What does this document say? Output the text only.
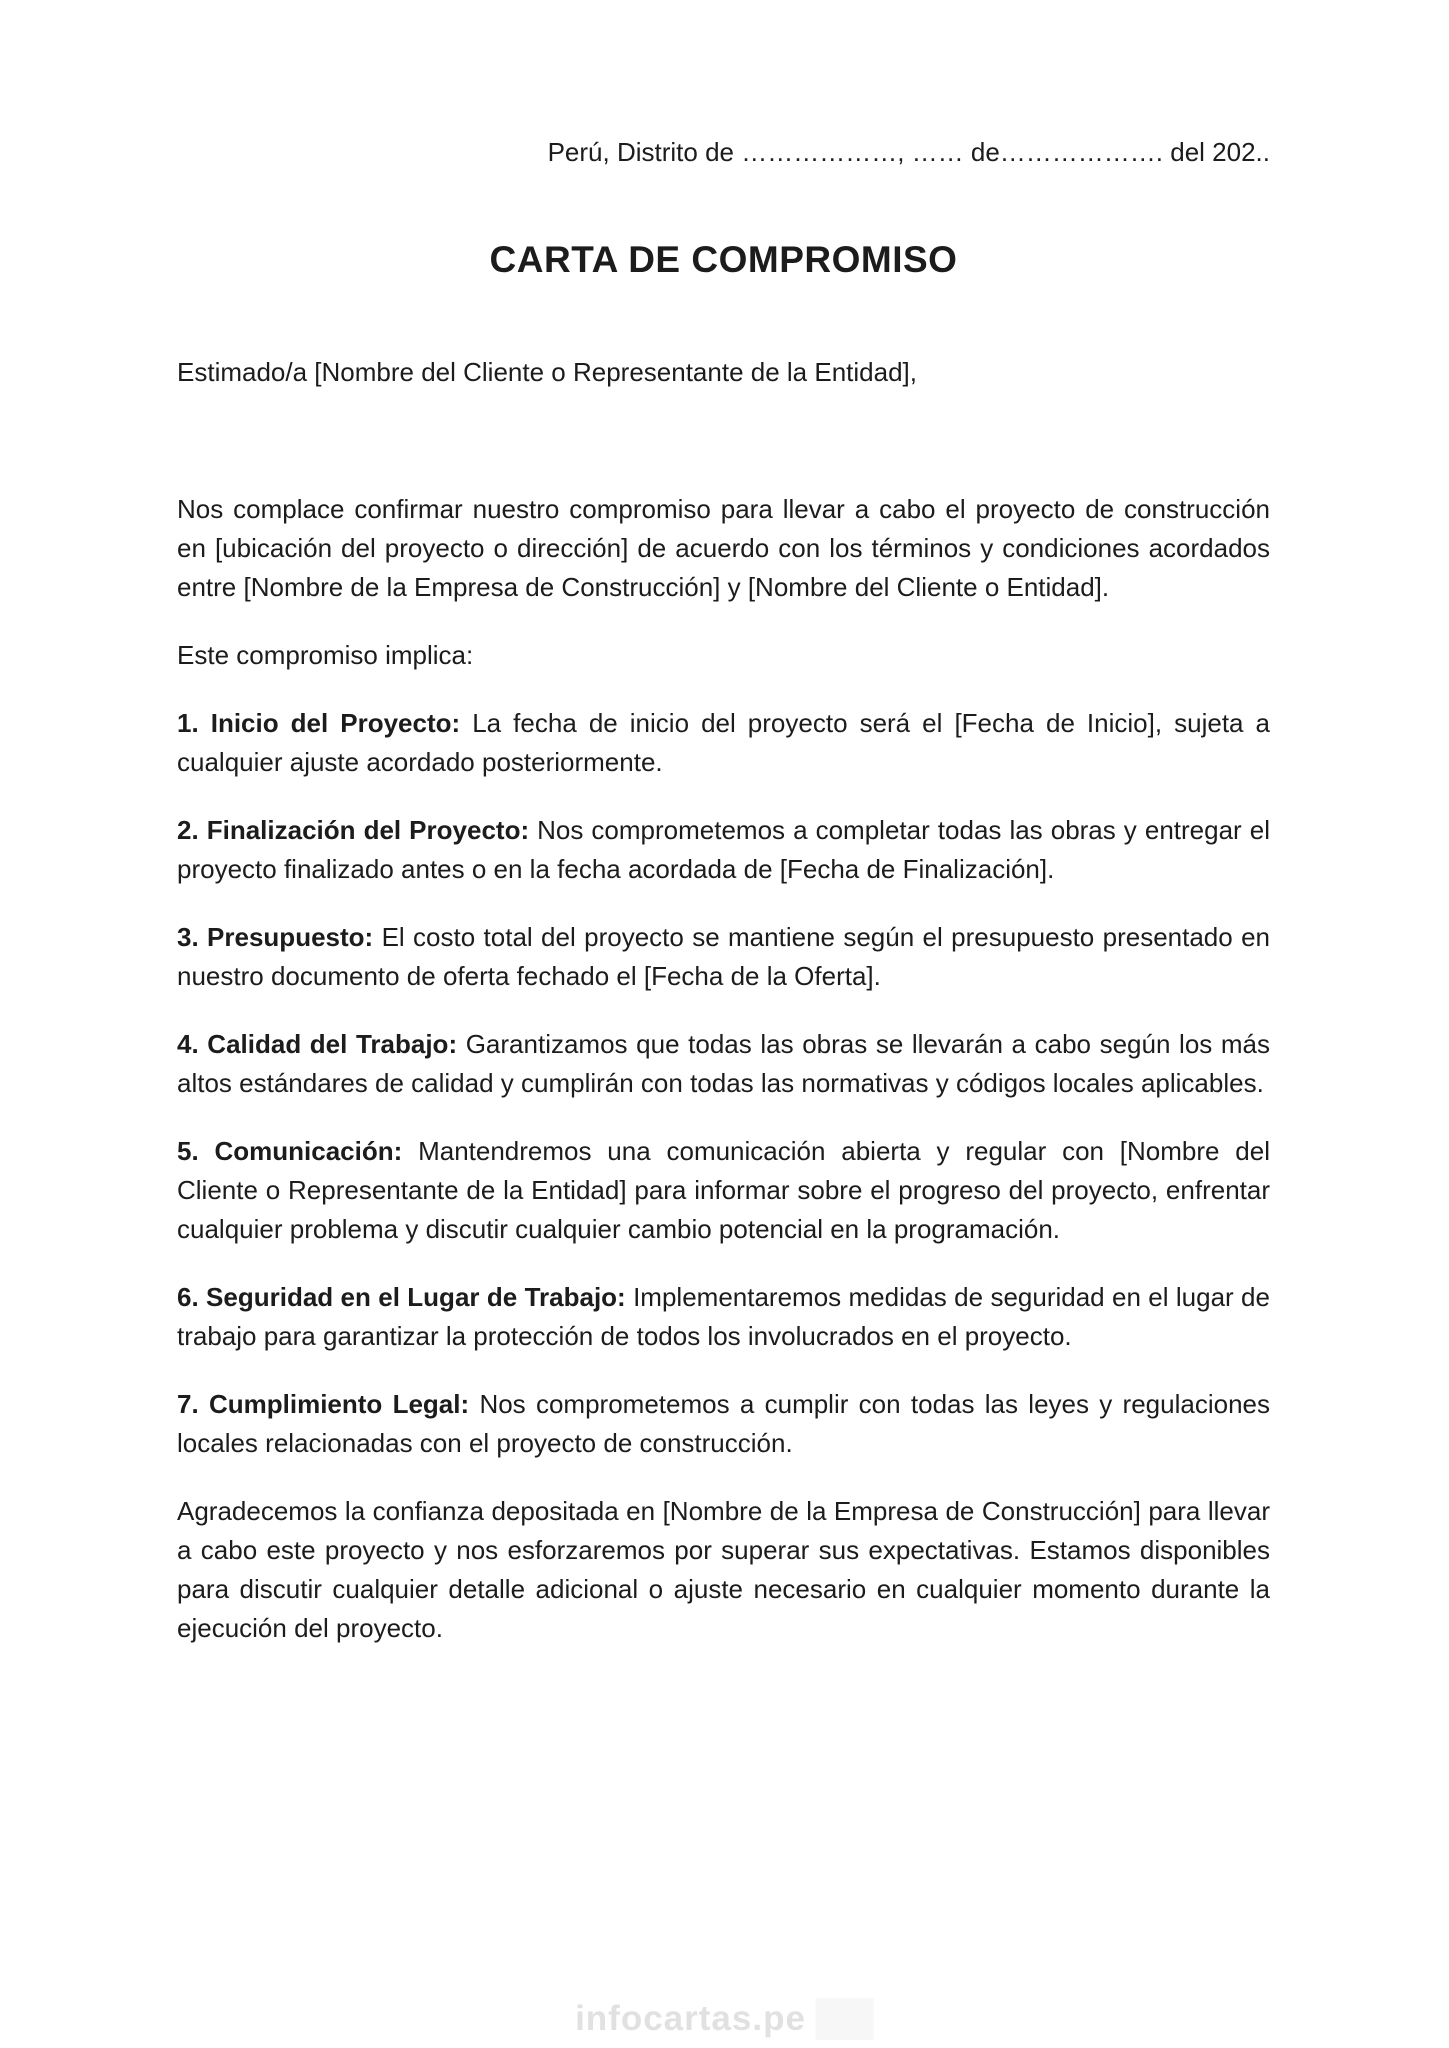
Perú, Distrito de ………………, …… de………………. del 202..

CARTA DE COMPROMISO

Estimado/a [Nombre del Cliente o Representante de la Entidad],

Nos complace confirmar nuestro compromiso para llevar a cabo el proyecto de construcción en [ubicación del proyecto o dirección] de acuerdo con los términos y condiciones acordados entre [Nombre de la Empresa de Construcción] y [Nombre del Cliente o Entidad].

Este compromiso implica:

1. Inicio del Proyecto: La fecha de inicio del proyecto será el [Fecha de Inicio], sujeta a cualquier ajuste acordado posteriormente.

2. Finalización del Proyecto: Nos comprometemos a completar todas las obras y entregar el proyecto finalizado antes o en la fecha acordada de [Fecha de Finalización].

3. Presupuesto: El costo total del proyecto se mantiene según el presupuesto presentado en nuestro documento de oferta fechado el [Fecha de la Oferta].

4. Calidad del Trabajo: Garantizamos que todas las obras se llevarán a cabo según los más altos estándares de calidad y cumplirán con todas las normativas y códigos locales aplicables.

5. Comunicación: Mantendremos una comunicación abierta y regular con [Nombre del Cliente o Representante de la Entidad] para informar sobre el progreso del proyecto, enfrentar cualquier problema y discutir cualquier cambio potencial en la programación.

6. Seguridad en el Lugar de Trabajo: Implementaremos medidas de seguridad en el lugar de trabajo para garantizar la protección de todos los involucrados en el proyecto.

7. Cumplimiento Legal: Nos comprometemos a cumplir con todas las leyes y regulaciones locales relacionadas con el proyecto de construcción.

Agradecemos la confianza depositada en [Nombre de la Empresa de Construcción] para llevar a cabo este proyecto y nos esforzaremos por superar sus expectativas. Estamos disponibles para discutir cualquier detalle adicional o ajuste necesario en cualquier momento durante la ejecución del proyecto.

infocartas.pe
